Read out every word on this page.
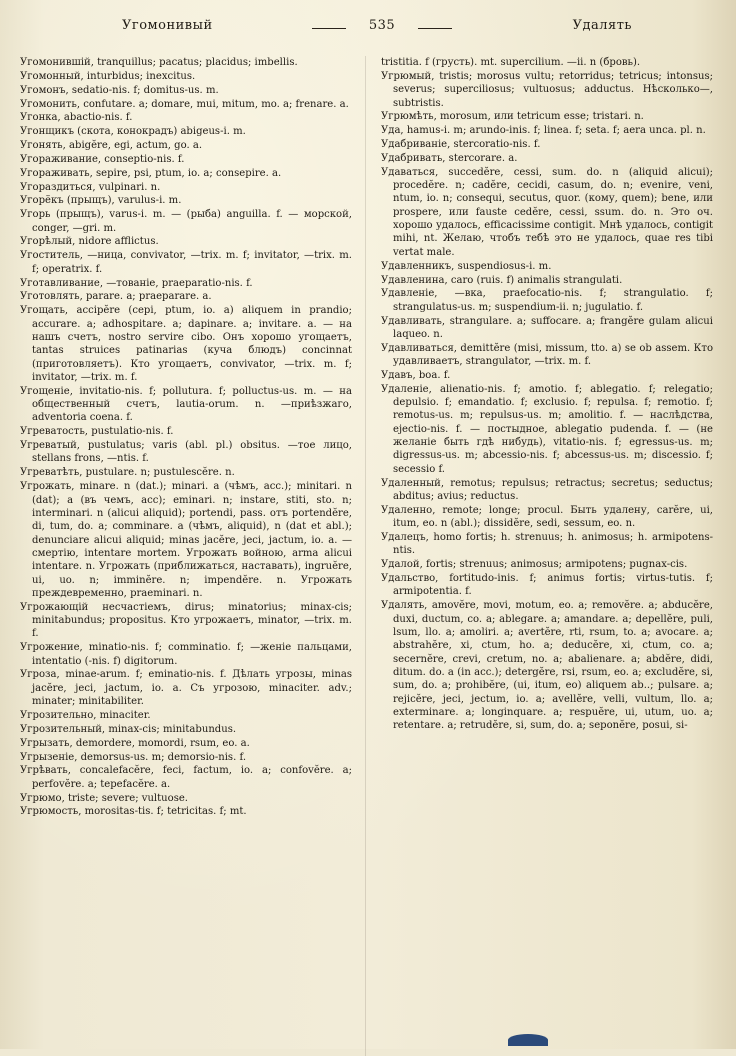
Угомонивый	535	Удалять

Угомонившій, tranquillus; pacatus; placidus; imbellis.

Угомонный, inturbidus; inexcitus.

Угомонъ, sedatio-nis. f; domitus-us. m.

Угомонить, confutare. a; domare, mui, mitum, mo. a; frenare. a.

Угонка, abactio-nis. f.

Угонщикъ (скота, конокрадъ) abigeus-i. m.

Угонять, abigĕre, egi, actum, go. a.

Угораживание, conseptio-nis. f.

Угораживать, sepire, psi, ptum, io. a; consepire. a.

Угораздиться, vulpinari. n.

Угорёкъ (прыщъ), varulus-i. m.

Угорь (прыщъ), varus-i. m. — (рыба) anguilla. f. — морской, conger, —gri. m.

Угорѣлый, nidore afflictus.

Угоститель, —ница, convivator, —trix. m. f; invitator, —trix. m. f; operatrix. f.

Уготавливание, —тованіе, praeparatio-nis. f.

Уготовлять, parare. a; praeparare. a.

Угощать, accipĕre (cepi, ptum, io. a) aliquem in prandio; accurare. a; adhospitare. a; dapinare. a; invitare. a. — на нашъ счетъ, nostro servire cibo. Онъ хорошо угощаетъ, tantas struices patinarias (куча блюдъ) concinnat (приготовляетъ). Кто угощаетъ, convivator, —trix. m. f; invitator, —trix. m. f.

Угощеніе, invitatio-nis. f; pollutura. f; polluctus-us. m. — на общественный счетъ, lautia-orum. n. —приѣзжаго, adventoria coena. f.

Угреватость, pustulatio-nis. f.

Угреватый, pustulatus; varis (abl. pl.) obsitus. —тое лицо, stellans frons, —ntis. f.

Угреватѣть, pustulare. n; pustulescĕre. n.

Угрожать, minare. n (dat.); minari. a (чѣмъ, acc.); minitari. n (dat); a (въ чемъ, acc); eminari. n; instare, stiti, sto. n; interminari. n (alicui aliquid); portendi, pass. отъ portendĕre, di, tum, do. a; comminare. a (чѣмъ, aliquid), n (dat et abl.); denunciare alicui aliquid; minas jacĕre, jeci, jactum, io. a. — смертію, intentare mortem. Угрожать войною, arma alicui intentare. n. Угрожать (приближаться, наставать), ingruĕre, ui, uo. n; imminĕre. n; impendĕre. n. Угрожать преждевременно, praeminari. n.

Угрожающій несчастіемъ, dirus; minatorius; minax-cis; minitabundus; propositus. Кто угрожаетъ, minator, —trix. m. f.

Угрожение, minatio-nis. f; comminatio. f; —женіе пальцами, intentatio (-nis. f) digitorum.

Угроза, minae-arum. f; eminatio-nis. f. Дѣлать угрозы, minas jacĕre, jeci, jactum, io. a. Съ угрозою, minaciter. adv.; minater; minitabiliter.

Угрозительно, minaciter.

Угрозительный, minax-cis; minitabundus.

Угрызать, demordere, momordi, rsum, eo. a.

Угрызеніе, demorsus-us. m; demorsio-nis. f.

Угрѣвать, concalefacĕre, feci, factum, io. a; confovĕre. a; perfovĕre. a; tepefacĕre. a.

Угрюмо, triste; severe; vultuose.

Угрюмость, morositas-tis. f; tetricitas. f; mt.

tristitia. f (грусть). mt. supercilium. —ii. n (бровь).

Угрюмый, tristis; morosus vultu; retorridus; tetricus; intonsus; severus; superciliosus; vultuosus; adductus. Нѣсколько—, subtristis.

Угрюмѣть, morosum, или tetricum esse; tristari. n.

Уда, hamus-i. m; arundo-inis. f; linea. f; seta. f; aera unca. pl. n.

Удабриваніе, stercoratio-nis. f.

Удабривать, stercorare. a.

Удаваться, succedĕre, cessi, sum. do. n (aliquid alicui); procedĕre. n; cadĕre, cecidi, casum, do. n; evenire, veni, ntum, io. n; consequi, secutus, quor. (кому, quem); bene, или prospere, или fauste cedĕre, cessi, ssum. do. n. Это оч. хорошо удалось, efficacissime contigit. Мнѣ удалось, contigit mihi, nt. Желаю, чтобъ тебѣ это не удалось, quae res tibi vertat male.

Удавленникъ, suspendiosus-i. m.

Удавленина, caro (ruis. f) animalis strangulati.

Удавленіе, —вка, praefocatio-nis. f; strangulatio. f; strangulatus-us. m; suspendium-ii. n; jugulatio. f.

Удавливать, strangulare. a; suffocare. a; frangĕre gulam alicui laqueo. n.

Удавливаться, demittĕre (misi, missum, tto. a) se ob assem. Кто удавливаетъ, strangulator, —trix. m. f.

Удавъ, boa. f.

Удаленіе, alienatio-nis. f; amotio. f; ablegatio. f; relegatio; depulsio. f; emandatio. f; exclusio. f; repulsa. f; remotio. f; remotus-us. m; repulsus-us. m; amolitio. f. — наслѣдства, ejectio-nis. f. — постыдное, ablegatio pudenda. f. — (не желаніе быть гдѣ нибудь), vitatio-nis. f; egressus-us. m; digressus-us. m; abcessio-nis. f; abcessus-us. m; discessio. f; secessio f.

Удаленный, remotus; repulsus; retractus; secretus; seductus; abditus; avius; reductus.

Удаленно, remote; longe; procul. Быть удалену, carĕre, ui, itum, eo. n (abl.); dissidĕre, sedi, sessum, eo. n.

Удалецъ, homo fortis; h. strenuus; h. animosus; h. armipotens-ntis.

Удалой, fortis; strenuus; animosus; armipotens; pugnax-cis.

Удальство, fortitudo-inis. f; animus fortis; virtus-tutis. f; armipotentia. f.

Удалять, amovĕre, movi, motum, eo. a; removĕre. a; abducĕre, duxi, ductum, co. a; ablegare. a; amandare. a; depellĕre, puli, lsum, llo. a; amoliri. a; avertĕre, rti, rsum, to. a; avocare. a; abstrahĕre, xi, ctum, ho. a; deducĕre, xi, ctum, co. a; secernĕre, crevi, cretum, no. a; abalienare. a; abdĕre, didi, ditum. do. a (in acc.); detergĕre, rsi, rsum, eo. a; excludĕre, si, sum, do. a; prohibĕre, (ui, itum, eo) aliquem ab..; pulsare. a; rejicĕre, jeci, jectum, io. a; avellĕre, velli, vultum, llo. a; exterminare. a; longinquare. a; respuĕre, ui, utum, uo. a; retentare. a; retrudĕre, si, sum, do. a; seponĕre, posui, si-
